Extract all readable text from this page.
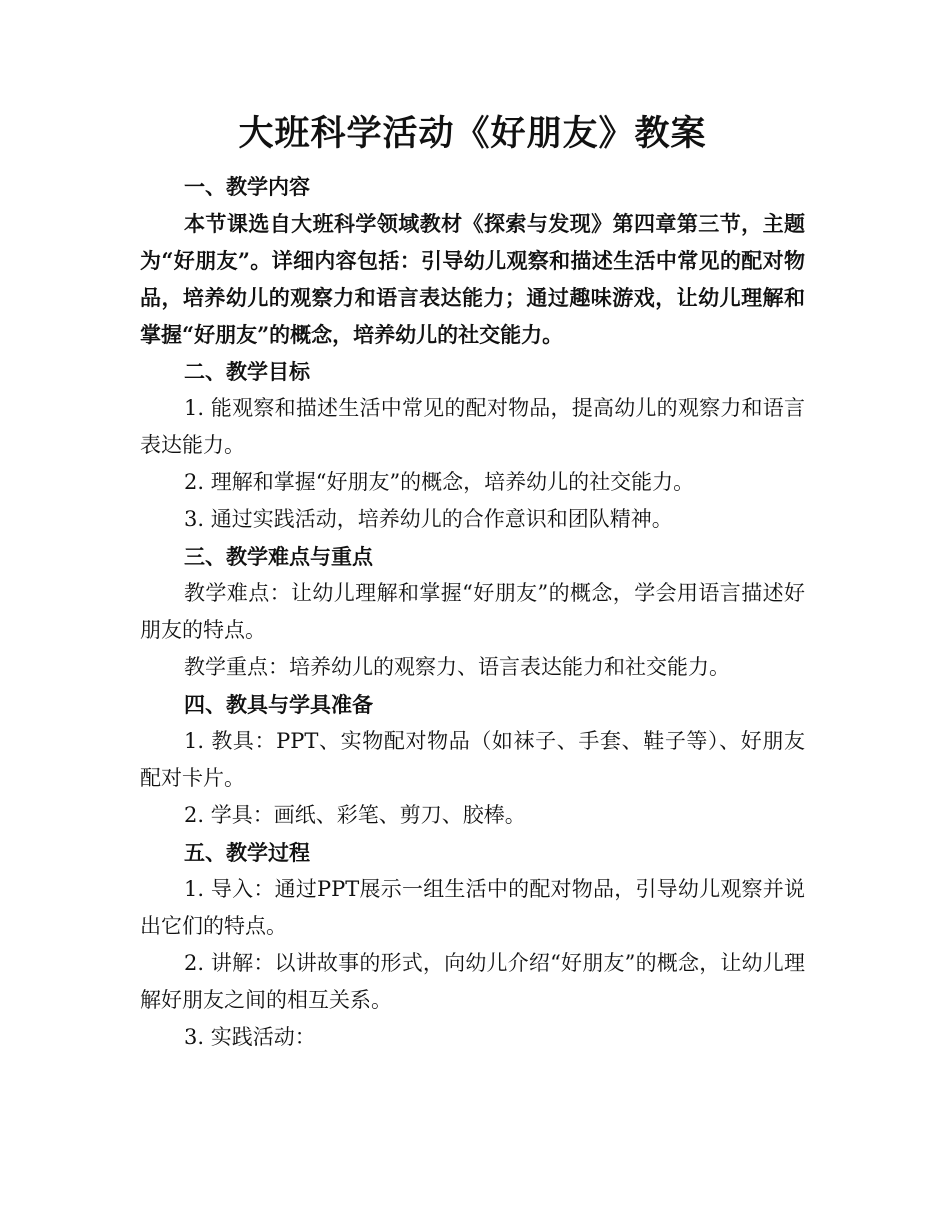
大班科学活动《好朋友》教案

一、教学内容

本节课选自大班科学领域教材《探索与发现》第四章第三节，主题为“好朋友”。详细内容包括：引导幼儿观察和描述生活中常见的配对物品，培养幼儿的观察力和语言表达能力；通过趣味游戏，让幼儿理解和掌握“好朋友”的概念，培养幼儿的社交能力。

二、教学目标

1. 能观察和描述生活中常见的配对物品，提高幼儿的观察力和语言表达能力。

2. 理解和掌握“好朋友”的概念，培养幼儿的社交能力。

3. 通过实践活动，培养幼儿的合作意识和团队精神。

三、教学难点与重点

教学难点：让幼儿理解和掌握“好朋友”的概念，学会用语言描述好朋友的特点。

教学重点：培养幼儿的观察力、语言表达能力和社交能力。

四、教具与学具准备

1. 教具：PPT、实物配对物品（如袜子、手套、鞋子等）、好朋友配对卡片。

2. 学具：画纸、彩笔、剪刀、胶棒。

五、教学过程

1. 导入：通过PPT展示一组生活中的配对物品，引导幼儿观察并说出它们的特点。

2. 讲解：以讲故事的形式，向幼儿介绍“好朋友”的概念，让幼儿理解好朋友之间的相互关系。

3. 实践活动：
